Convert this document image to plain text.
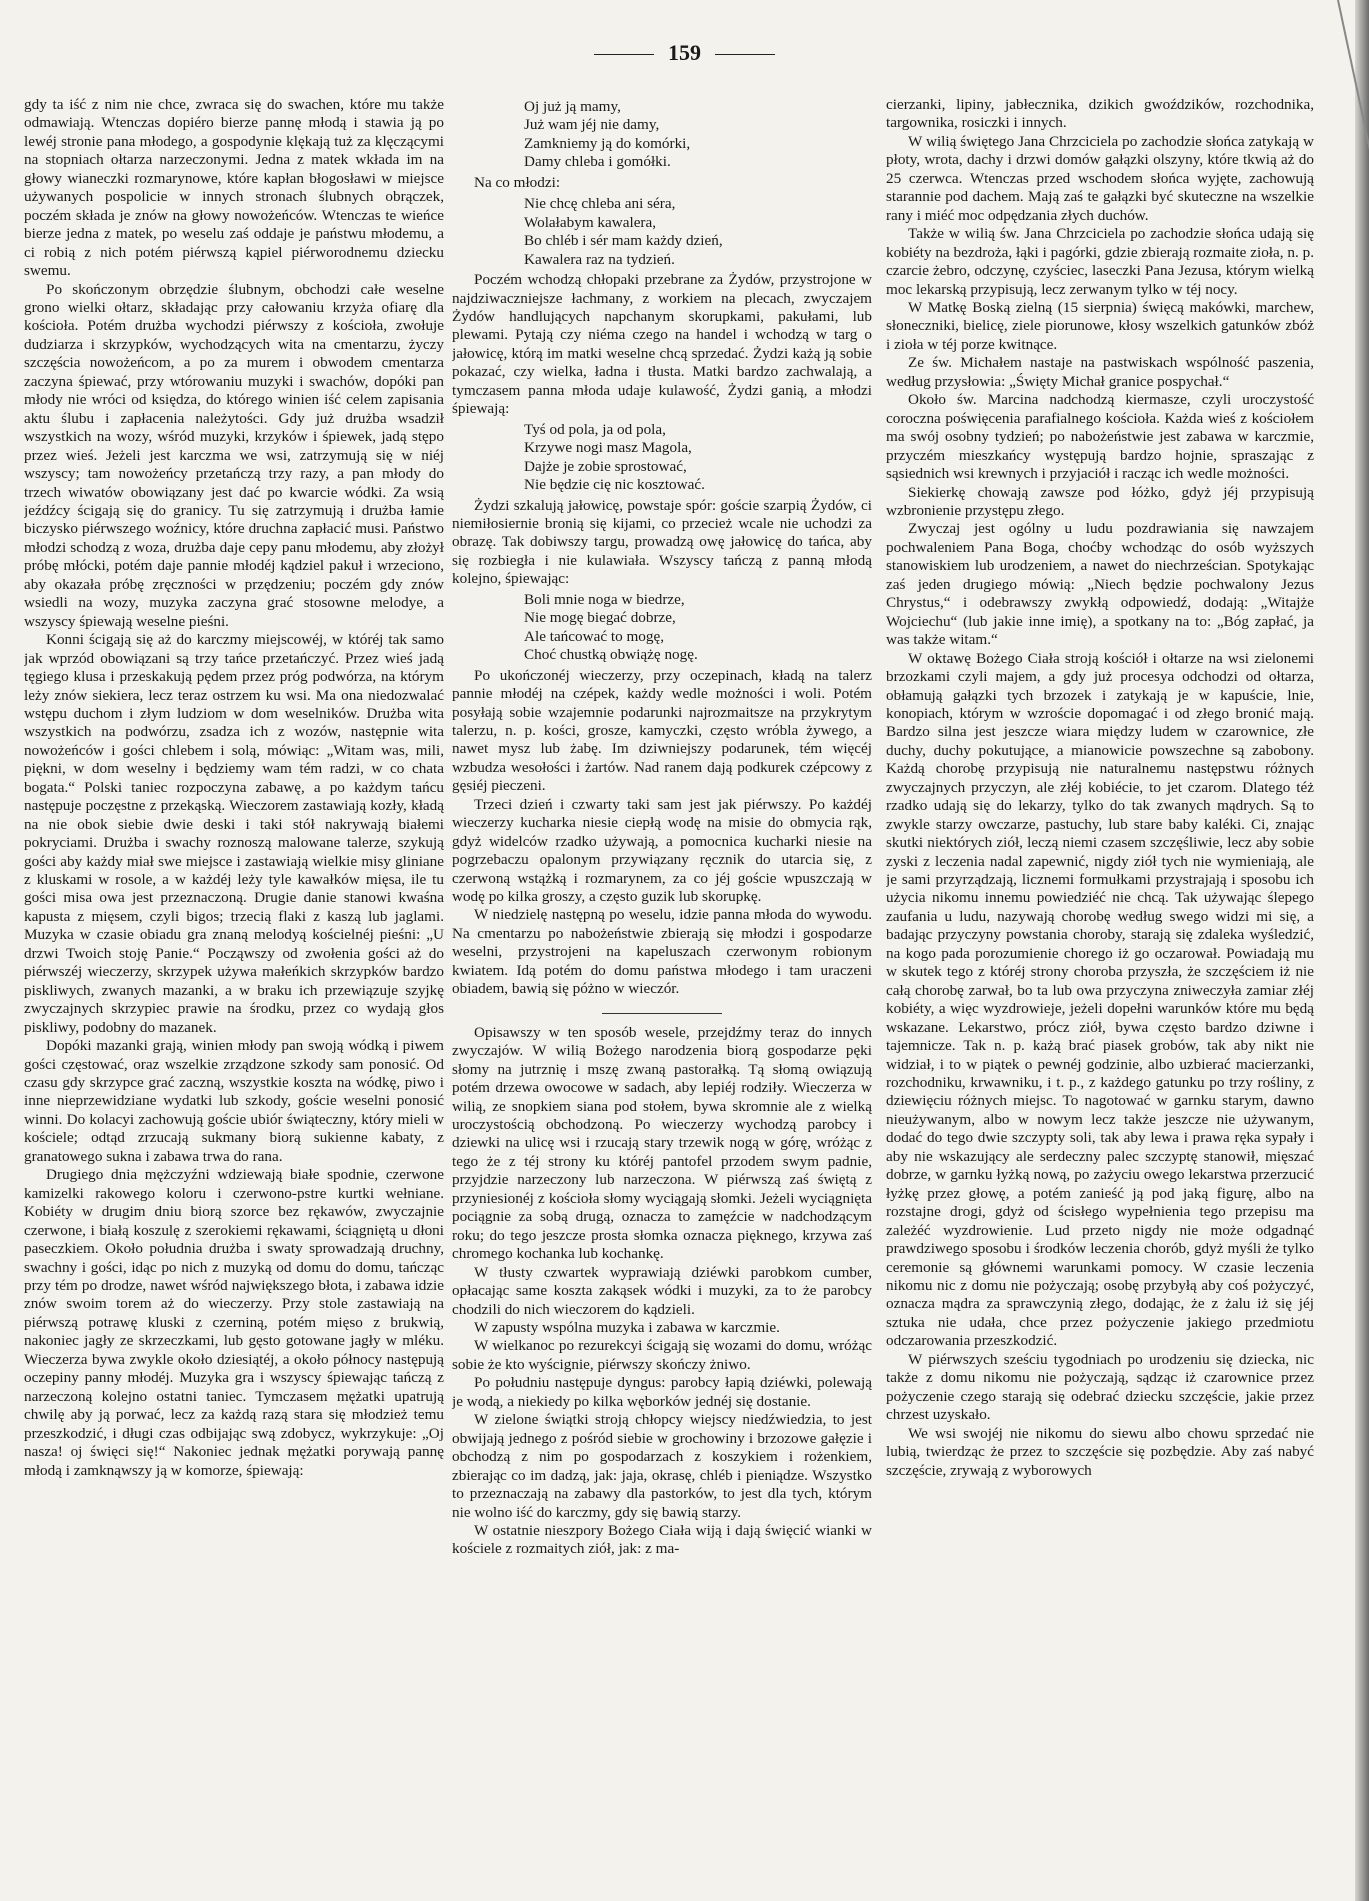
159

gdy ta iść z nim nie chce, zwraca się do swachen, które mu także odmawiają. Wtenczas dopiéro bierze pannę młodą i stawia ją po lewéj stronie pana młodego, a gospodynie klękają tuż za klęczącymi na stopniach ołtarza narzeczonymi. Jedna z matek wkłada im na głowy wianeczki rozmarynowe, które kapłan błogosławi w miejsce używanych pospolicie w innych stronach ślubnych obrączek, poczém składa je znów na głowy nowożeńców. Wtenczas te wieńce bierze jedna z matek, po weselu zaś oddaje je państwu młodemu, a ci robią z nich potém piérwszą kąpiel piérworodnemu dziecku swemu.

Po skończonym obrzędzie ślubnym, obchodzi całe weselne grono wielki ołtarz, składając przy całowaniu krzyża ofiarę dla kościoła. Potém drużba wychodzi piérwszy z kościoła, zwołuje dudziarza i skrzypków, wychodzących wita na cmentarzu, życzy szczęścia nowożeńcom, a po za murem i obwodem cmentarza zaczyna śpiewać, przy wtórowaniu muzyki i swachów, dopóki pan młody nie wróci od księdza, do którego winien iść celem zapisania aktu ślubu i zapłacenia należytości. Gdy już drużba wsadził wszystkich na wozy, wśród muzyki, krzyków i śpiewek, jadą stępo przez wieś. Jeżeli jest karczma we wsi, zatrzymują się w niéj wszyscy; tam nowożeńcy przetańczą trzy razy, a pan młody do trzech wiwatów obowiązany jest dać po kwarcie wódki. Za wsią jeźdźcy ścigają się do granicy. Tu się zatrzymują i drużba łamie biczysko piérwszego woźnicy, które druchna zapłacić musi. Państwo młodzi schodzą z woza, drużba daje cepy panu młodemu, aby złożył próbę młócki, potém daje pannie młodéj kądziel pakuł i wrzeciono, aby okazała próbę zręczności w przędzeniu; poczém gdy znów wsiedli na wozy, muzyka zaczyna grać stosowne melodye, a wszyscy śpiewają weselne pieśni.

Konni ścigają się aż do karczmy miejscowéj, w któréj tak samo jak wprzód obowiązani są trzy tańce przetańczyć. Przez wieś jadą tęgiego klusa i przeskakują pędem przez próg podwórza, na którym leży znów siekiera, lecz teraz ostrzem ku wsi. Ma ona niedozwalać wstępu duchom i złym ludziom w dom weselników. Drużba wita wszystkich na podwórzu, zsadza ich z wozów, następnie wita nowożeńców i gości chlebem i solą, mówiąc: „Witam was, mili, piękni, w dom weselny i będziemy wam tém radzi, w co chata bogata.“ Polski taniec rozpoczyna zabawę, a po każdym tańcu następuje poczęstne z przekąską. Wieczorem zastawiają kozły, kładą na nie obok siebie dwie deski i taki stół nakrywają białemi pokryciami. Drużba i swachy roznoszą malowane talerze, szykują gości aby każdy miał swe miejsce i zastawiają wielkie misy gliniane z kluskami w rosole, a w każdéj leży tyle kawałków mięsa, ile tu gości misa owa jest przeznaczoną. Drugie danie stanowi kwaśna kapusta z mięsem, czyli bigos; trzecią flaki z kaszą lub jaglami. Muzyka w czasie obiadu gra znaną melodyą kościelnéj pieśni: „U drzwi Twoich stoję Panie.“ Począwszy od zwołenia gości aż do piérwszéj wieczerzy, skrzypek używa małeńkich skrzypków bardzo piskliwych, zwanych mazanki, a w braku ich przewiązuje szyjkę zwyczajnych skrzypiec prawie na środku, przez co wydają głos piskliwy, podobny do mazanek.

Dopóki mazanki grają, winien młody pan swoją wódką i piwem gości częstować, oraz wszelkie zrządzone szkody sam ponosić. Od czasu gdy skrzypce grać zaczną, wszystkie koszta na wódkę, piwo i inne nieprzewidziane wydatki lub szkody, goście weselni ponosić winni. Do kolacyi zachowują goście ubiór świąteczny, który mieli w kościele; odtąd zrzucają sukmany biorą sukienne kabaty, z granatowego sukna i zabawa trwa do rana.

Drugiego dnia mężczyźni wdziewają białe spodnie, czerwone kamizelki rakowego koloru i czerwono-pstre kurtki wełniane. Kobiéty w drugim dniu biorą szorce bez rękawów, zwyczajnie czerwone, i białą koszulę z szerokiemi rękawami, ściągniętą u dłoni paseczkiem. Około południa drużba i swaty sprowadzają druchny, swachny i gości, idąc po nich z muzyką od domu do domu, tańcząc przy tém po drodze, nawet wśród największego błota, i zabawa idzie znów swoim torem aż do wieczerzy. Przy stole zastawiają na piérwszą potrawę kluski z czerniną, potém mięso z brukwią, nakoniec jagły ze skrzeczkami, lub gęsto gotowane jagły w mléku. Wieczerza bywa zwykle około dziesiątéj, a około północy następują oczepiny panny młodéj. Muzyka gra i wszyscy śpiewając tańczą z narzeczoną kolejno ostatni taniec. Tymczasem mężatki upatrują chwilę aby ją porwać, lecz za każdą razą stara się młodzież temu przeszkodzić, i długi czas odbijając swą zdobycz, wykrzykuje: „Oj nasza! oj święci się!“ Nakoniec jednak mężatki porywają pannę młodą i zamknąwszy ją w komorze, śpiewają:

Oj już ją mamy,
Już wam jéj nie damy,
Zamkniemy ją do komórki,
Damy chleba i gomółki.

Na co młodzi:

Nie chcę chleba ani séra,
Wolałabym kawalera,
Bo chléb i sér mam każdy dzień,
Kawalera raz na tydzień.

Poczém wchodzą chłopaki przebrane za Żydów, przystrojone w najdziwaczniejsze łachmany, z workiem na plecach, zwyczajem Żydów handlujących napchanym skorupkami, pakułami, lub plewami. Pytają czy niéma czego na handel i wchodzą w targ o jałowicę, którą im matki weselne chcą sprzedać. Żydzi każą ją sobie pokazać, czy wielka, ładna i tłusta. Matki bardzo zachwalają, a tymczasem panna młoda udaje kulawość, Żydzi ganią, a młodzi śpiewają:

Tyś od pola, ja od pola,
Krzywe nogi masz Magola,
Dajże je zobie sprostować,
Nie będzie cię nic kosztować.

Żydzi szkalują jałowicę, powstaje spór: goście szarpią Żydów, ci niemiłosiernie bronią się kijami, co przecież wcale nie uchodzi za obrazę. Tak dobiwszy targu, prowadzą owę jałowicę do tańca, aby się rozbiegła i nie kulawiała. Wszyscy tańczą z panną młodą kolejno, śpiewając:

Boli mnie noga w biedrze,
Nie mogę biegać dobrze,
Ale tańcować to mogę,
Choć chustką obwiążę nogę.

Po ukończonéj wieczerzy, przy oczepinach, kładą na talerz pannie młodéj na czépek, każdy wedle możności i woli. Potém posyłają sobie wzajemnie podarunki najrozmaitsze na przykrytym talerzu, n. p. kości, grosze, kamyczki, często wróbla żywego, a nawet mysz lub żabę. Im dziwniejszy podarunek, tém więcéj wzbudza wesołości i żartów. Nad ranem dają podkurek czépcowy z gęsiéj pieczeni.

Trzeci dzień i czwarty taki sam jest jak piérwszy. Po każdéj wieczerzy kucharka niesie ciepłą wodę na misie do obmycia rąk, gdyż widelców rzadko używają, a pomocnica kucharki niesie na pogrzebaczu opalonym przywiązany ręcznik do utarcia się, z czerwoną wstążką i rozmarynem, za co jéj goście wpuszczają w wodę po kilka groszy, a często guzik lub skorupkę.

W niedzielę następną po weselu, idzie panna młoda do wywodu. Na cmentarzu po nabożeństwie zbierają się młodzi i gospodarze weselni, przystrojeni na kapeluszach czerwonym robionym kwiatem. Idą potém do domu państwa młodego i tam uraczeni obiadem, bawią się póżno w wieczór.

Opisawszy w ten sposób wesele, przejdźmy teraz do innych zwyczajów. W wilią Bożego narodzenia biorą gospodarze pęki słomy na jutrznię i mszę zwaną pastorałką. Tą słomą owiązują potém drzewa owocowe w sadach, aby lepiéj rodziły. Wieczerza w wilią, ze snopkiem siana pod stołem, bywa skromnie ale z wielką uroczystością obchodzoną. Po wieczerzy wychodzą parobcy i dziewki na ulicę wsi i rzucają stary trzewik nogą w górę, wróżąc z tego że z téj strony ku któréj pantofel przodem swym padnie, przyjdzie narzeczony lub narzeczona. W piérwszą zaś świętą z przyniesionéj z kościoła słomy wyciągają słomki. Jeżeli wyciągnięta pociągnie za sobą drugą, oznacza to zamęźcie w nadchodzącym roku; do tego jeszcze prosta słomka oznacza pięknego, krzywa zaś chromego kochanka lub kochankę.

W tłusty czwartek wyprawiają dziéwki parobkom cumber, opłacając same koszta zakąsek wódki i muzyki, za to że parobcy chodzili do nich wieczorem do kądzieli.

W zapusty wspólna muzyka i zabawa w karczmie.

W wielkanoc po rezurekcyi ścigają się wozami do domu, wróżąc sobie że kto wyścignie, piérwszy skończy żniwo.

Po południu następuje dyngus: parobcy łapią dziéwki, polewają je wodą, a niekiedy po kilka węborków jednéj się dostanie.

W zielone świątki stroją chłopcy wiejscy niedźwiedzia, to jest obwijają jednego z pośród siebie w grochowiny i brzozowe gałęzie i obchodzą z nim po gospodarzach z koszykiem i rożenkiem, zbierając co im dadzą, jak: jaja, okrasę, chléb i pieniądze. Wszystko to przeznaczają na zabawy dla pastorków, to jest dla tych, którym nie wolno iść do karczmy, gdy się bawią starzy.

W ostatnie nieszpory Bożego Ciała wiją i dają święcić wianki w kościele z rozmaitych ziół, jak: z ma-

cierzanki, lipiny, jabłecznika, dzikich gwoździków, rozchodnika, targownika, rosiczki i innych.

W wilią świętego Jana Chrzciciela po zachodzie słońca zatykają w płoty, wrota, dachy i drzwi domów gałązki olszyny, które tkwią aż do 25 czerwca. Wtenczas przed wschodem słońca wyjęte, zachowują starannie pod dachem. Mają zaś te gałązki być skuteczne na wszelkie rany i miéć moc odpędzania złych duchów.

Także w wilią św. Jana Chrzciciela po zachodzie słońca udają się kobiéty na bezdroża, łąki i pagórki, gdzie zbierają rozmaite zioła, n. p. czarcie żebro, odczynę, czyściec, laseczki Pana Jezusa, którym wielką moc lekarską przypisują, lecz zerwanym tylko w téj nocy.

W Matkę Boską zielną (15 sierpnia) święcą makówki, marchew, słoneczniki, bielicę, ziele piorunowe, kłosy wszelkich gatunków zbóż i zioła w téj porze kwitnące.

Ze św. Michałem nastaje na pastwiskach wspólność paszenia, według przysłowia: „Święty Michał granice pospychał.“

Około św. Marcina nadchodzą kiermasze, czyli uroczystość coroczna poświęcenia parafialnego kościoła. Każda wieś z kościołem ma swój osobny tydzień; po nabożeństwie jest zabawa w karczmie, przyczém mieszkańcy występują bardzo hojnie, spraszając z sąsiednich wsi krewnych i przyjaciół i racząc ich wedle możności.

Siekierkę chowają zawsze pod łóżko, gdyż jéj przypisują wzbronienie przystępu złego.

Zwyczaj jest ogólny u ludu pozdrawiania się nawzajem pochwaleniem Pana Boga, choćby wchodząc do osób wyższych stanowiskiem lub urodzeniem, a nawet do niechrześcian. Spotykając zaś jeden drugiego mówią: „Niech będzie pochwalony Jezus Chrystus,“ i odebrawszy zwykłą odpowiedź, dodają: „Witajże Wojciechu“ (lub jakie inne imię), a spotkany na to: „Bóg zapłać, ja was także witam.“

W oktawę Bożego Ciała stroją kościół i ołtarze na wsi zielonemi brzozkami czyli majem, a gdy już procesya odchodzi od ołtarza, obłamują gałązki tych brzozek i zatykają je w kapuście, lnie, konopiach, którym w wzroście dopomagać i od złego bronić mają. Bardzo silna jest jeszcze wiara między ludem w czarownice, złe duchy, duchy pokutujące, a mianowicie powszechne są zabobony. Każdą chorobę przypisują nie naturalnemu następstwu różnych zwyczajnych przyczyn, ale złéj kobiécie, to jet czarom. Dlatego téż rzadko udają się do lekarzy, tylko do tak zwanych mądrych. Są to zwykle starzy owczarze, pastuchy, lub stare baby kaléki. Ci, znając skutki niektórych ziół, leczą niemi czasem szczęśliwie, lecz aby sobie zyski z leczenia nadal zapewnić, nigdy ziół tych nie wymieniają, ale je sami przyrządzają, licznemi formułkami przystrajają i sposobu ich użycia nikomu innemu powiedziéć nie chcą. Tak używając ślepego zaufania u ludu, nazywają chorobę według swego widzi mi się, a badając przyczyny powstania choroby, starają się zdaleka wyśledzić, na kogo pada porozumienie chorego iż go oczarował. Powiadają mu w skutek tego z któréj strony choroba przyszła, że szczęściem iż nie całą chorobę zarwał, bo ta lub owa przyczyna zniweczyła zamiar złéj kobiéty, a więc wyzdrowieje, jeżeli dopełni warunków które mu będą wskazane. Lekarstwo, prócz ziół, bywa często bardzo dziwne i tajemnicze. Tak n. p. każą brać piasek grobów, tak aby nikt nie widział, i to w piątek o pewnéj godzinie, albo uzbierać macierzanki, rozchodniku, krwawniku, i t. p., z każdego gatunku po trzy rośliny, z dziewięciu różnych miejsc. To nagotować w garnku starym, dawno nieużywanym, albo w nowym lecz także jeszcze nie używanym, dodać do tego dwie szczypty soli, tak aby lewa i prawa ręka sypały i aby nie wskazujący ale serdeczny palec szczyptę stanowił, mięszać dobrze, w garnku łyżką nową, po zażyciu owego lekarstwa przerzucić łyżkę przez głowę, a potém zanieść ją pod jaką figurę, albo na rozstajne drogi, gdyż od ścisłego wypełnienia tego przepisu ma zależéć wyzdrowienie. Lud przeto nigdy nie może odgadnąć prawdziwego sposobu i środków leczenia chorób, gdyż myśli że tylko ceremonie są głównemi warunkami pomocy. W czasie leczenia nikomu nic z domu nie pożyczają; osobę przybyłą aby coś pożyczyć, oznacza mądra za sprawczynią złego, dodając, że z żalu iż się jéj sztuka nie udała, chce przez pożyczenie jakiego przedmiotu odczarowania przeszkodzić.

W piérwszych sześciu tygodniach po urodzeniu się dziecka, nic także z domu nikomu nie pożyczają, sądząc iż czarownice przez pożyczenie czego starają się odebrać dziecku szczęście, jakie przez chrzest uzyskało.

We wsi swojéj nie nikomu do siewu albo chowu sprzedać nie lubią, twierdząc że przez to szczęście się pozbędzie. Aby zaś nabyć szczęście, zrywają z wyborowych
